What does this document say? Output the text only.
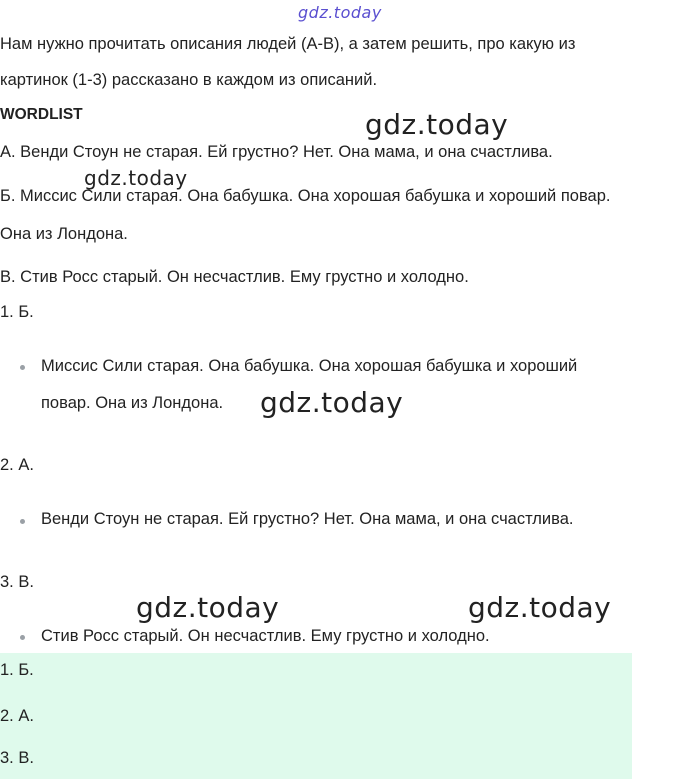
gdz.today
gdz.today
gdz.today
gdz.today
gdz.today	gdz.today
Нам нужно прочитать описания людей (А-В), а затем решить, про какую из
картинок (1-3) рассказано в каждом из описаний.
WORDLIST
А. Венди Стоун не старая. Ей грустно? Нет. Она мама, и она счастлива.
Б. Миссис Сили старая. Она бабушка. Она хорошая бабушка и хороший повар.
Она из Лондона.
В. Стив Росс старый. Он несчастлив. Ему грустно и холодно.
1. Б.
Миссис Сили старая. Она бабушка. Она хорошая бабушка и хороший
повар. Она из Лондона.
2. А.
Венди Стоун не старая. Ей грустно? Нет. Она мама, и она счастлива.
3. В.
Стив Росс старый. Он несчастлив. Ему грустно и холодно.
1. Б.
2. А.
3. В.
